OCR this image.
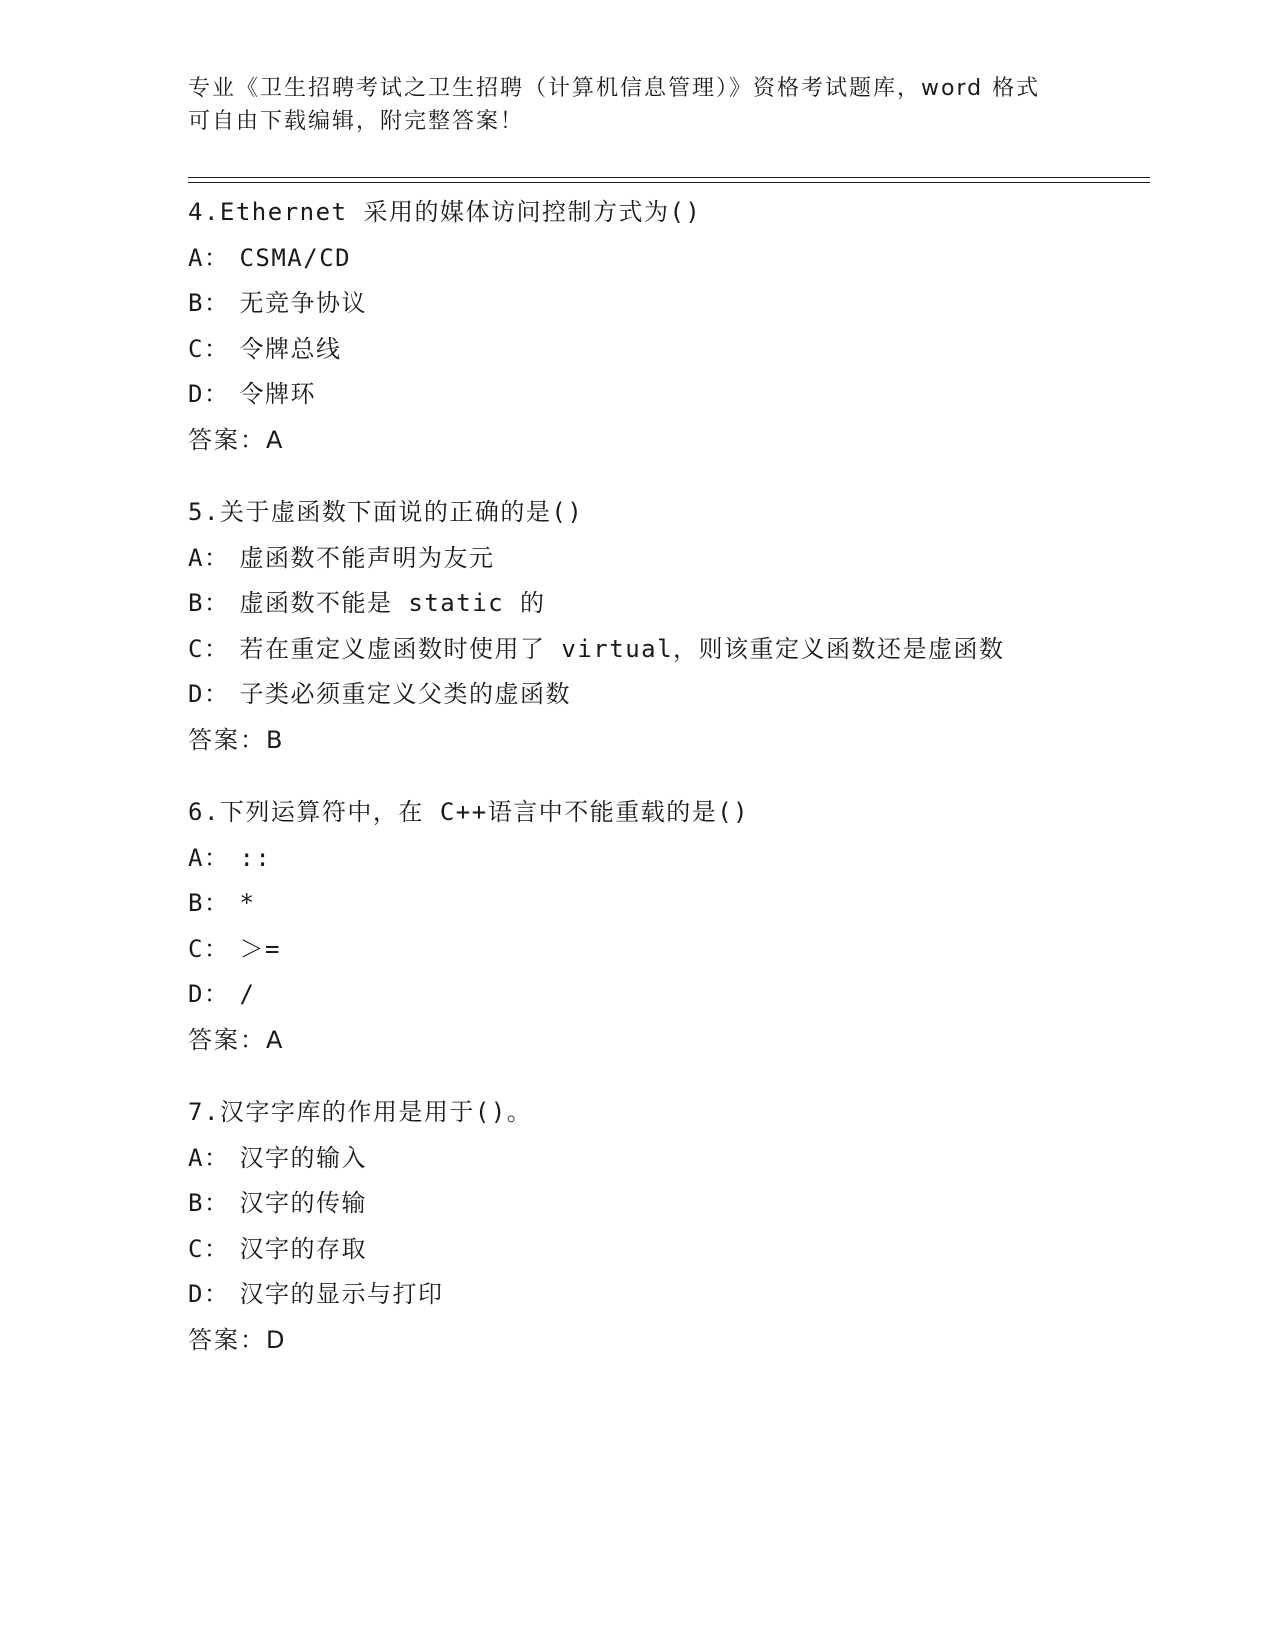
专业《卫生招聘考试之卫生招聘（计算机信息管理）》资格考试题库，word 格式

可自由下载编辑，附完整答案！

4.Ethernet 采用的媒体访问控制方式为()
A： CSMA/CD
B： 无竞争协议
C： 令牌总线
D： 令牌环
答案：A
5.关于虚函数下面说的正确的是()
A： 虚函数不能声明为友元
B： 虚函数不能是 static 的
C： 若在重定义虚函数时使用了 virtual，则该重定义函数还是虚函数
D： 子类必须重定义父类的虚函数
答案：B
6.下列运算符中，在 C++语言中不能重载的是()
A： ::
B： *
C： ＞=
D： /
答案：A
7.汉字字库的作用是用于()。
A： 汉字的输入
B： 汉字的传输
C： 汉字的存取
D： 汉字的显示与打印
答案：D
